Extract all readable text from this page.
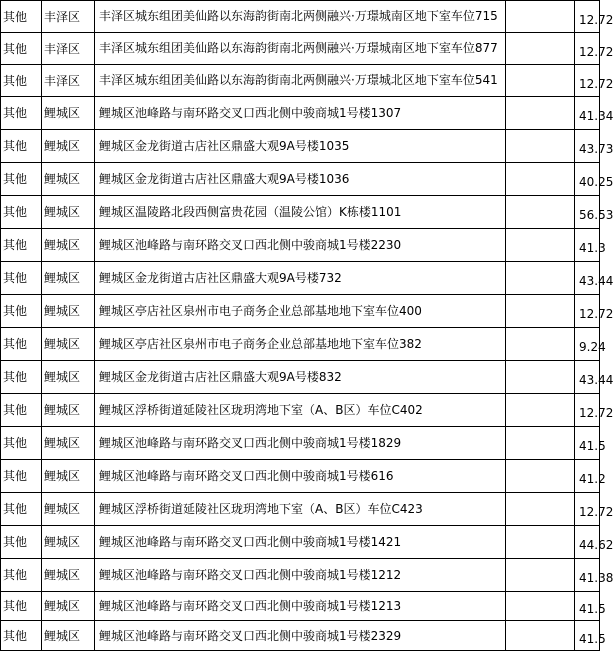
其他	丰泽区	丰泽区城东组团美仙路以东海韵街南北两侧融兴·万璟城南区地下室车位715		12.72
其他	丰泽区	丰泽区城东组团美仙路以东海韵街南北两侧融兴·万璟城南区地下室车位877		12.72
其他	丰泽区	丰泽区城东组团美仙路以东海韵街南北两侧融兴·万璟城北区地下室车位541		12.72
其他	鲤城区	鲤城区池峰路与南环路交叉口西北侧中骏商城1号楼1307		41.34
其他	鲤城区	鲤城区金龙街道古店社区鼎盛大观9A号楼1035		43.73
其他	鲤城区	鲤城区金龙街道古店社区鼎盛大观9A号楼1036		40.25
其他	鲤城区	鲤城区温陵路北段西侧富贵花园（温陵公馆）K栋楼1101		56.53
其他	鲤城区	鲤城区池峰路与南环路交叉口西北侧中骏商城1号楼2230		41.3
其他	鲤城区	鲤城区金龙街道古店社区鼎盛大观9A号楼732		43.44
其他	鲤城区	鲤城区亭店社区泉州市电子商务企业总部基地地下室车位400		12.72
其他	鲤城区	鲤城区亭店社区泉州市电子商务企业总部基地地下室车位382		9.24
其他	鲤城区	鲤城区金龙街道古店社区鼎盛大观9A号楼832		43.44
其他	鲤城区	鲤城区浮桥街道延陵社区珑玥湾地下室（A、B区）车位C402		12.72
其他	鲤城区	鲤城区池峰路与南环路交叉口西北侧中骏商城1号楼1829		41.5
其他	鲤城区	鲤城区池峰路与南环路交叉口西北侧中骏商城1号楼616		41.2
其他	鲤城区	鲤城区浮桥街道延陵社区珑玥湾地下室（A、B区）车位C423		12.72
其他	鲤城区	鲤城区池峰路与南环路交叉口西北侧中骏商城1号楼1421		44.62
其他	鲤城区	鲤城区池峰路与南环路交叉口西北侧中骏商城1号楼1212		41.38
其他	鲤城区	鲤城区池峰路与南环路交叉口西北侧中骏商城1号楼1213		41.5
其他	鲤城区	鲤城区池峰路与南环路交叉口西北侧中骏商城1号楼2329		41.5
